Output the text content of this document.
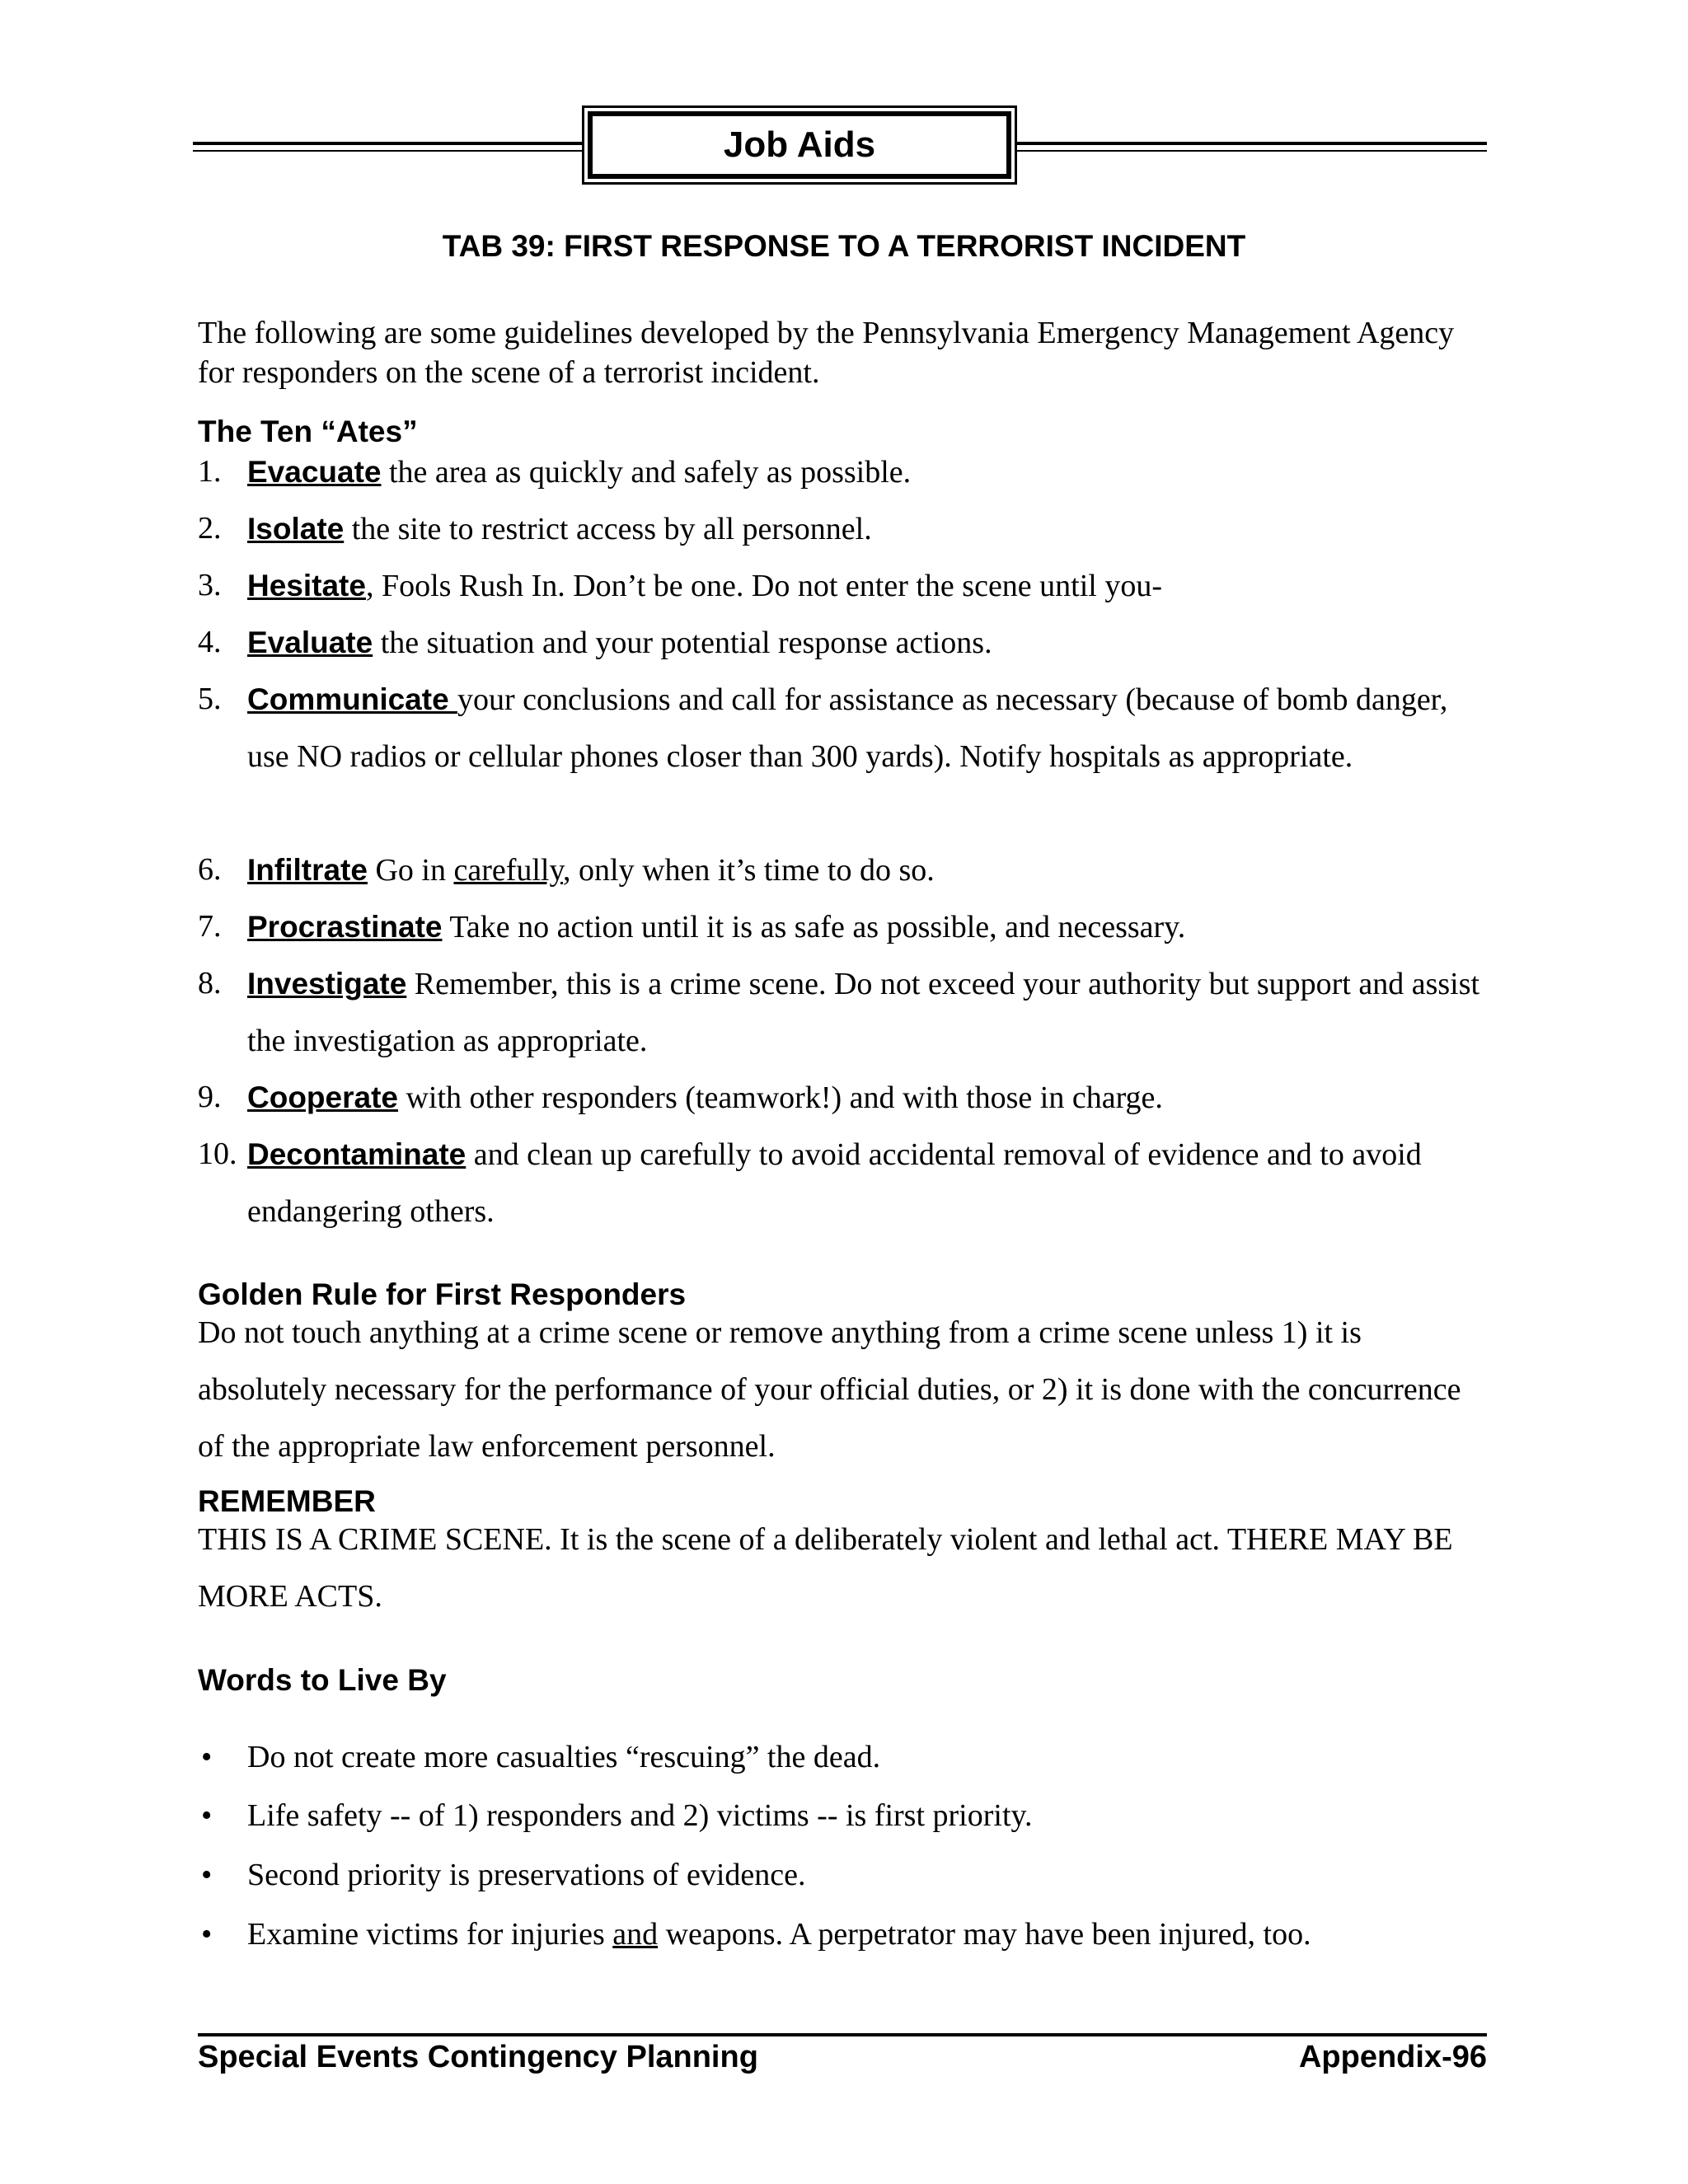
Job Aids
TAB 39: FIRST RESPONSE TO A TERRORIST INCIDENT
The following are some guidelines developed by the Pennsylvania Emergency Management Agency for responders on the scene of a terrorist incident.
The Ten “Ates”
1. Evacuate the area as quickly and safely as possible.
2. Isolate the site to restrict access by all personnel.
3. Hesitate, Fools Rush In. Don’t be one. Do not enter the scene until you-
4. Evaluate the situation and your potential response actions.
5. Communicate your conclusions and call for assistance as necessary (because of bomb danger, use NO radios or cellular phones closer than 300 yards). Notify hospitals as appropriate.
6. Infiltrate Go in carefully, only when it’s time to do so.
7. Procrastinate Take no action until it is as safe as possible, and necessary.
8. Investigate Remember, this is a crime scene. Do not exceed your authority but support and assist the investigation as appropriate.
9. Cooperate with other responders (teamwork!) and with those in charge.
10. Decontaminate and clean up carefully to avoid accidental removal of evidence and to avoid endangering others.
Golden Rule for First Responders
Do not touch anything at a crime scene or remove anything from a crime scene unless 1) it is absolutely necessary for the performance of your official duties, or 2) it is done with the concurrence of the appropriate law enforcement personnel.
REMEMBER
THIS IS A CRIME SCENE. It is the scene of a deliberately violent and lethal act. THERE MAY BE MORE ACTS.
Words to Live By
• Do not create more casualties “rescuing” the dead.
• Life safety -- of 1) responders and 2) victims -- is first priority.
• Second priority is preservations of evidence.
• Examine victims for injuries and weapons. A perpetrator may have been injured, too.
Special Events Contingency Planning	Appendix-96
